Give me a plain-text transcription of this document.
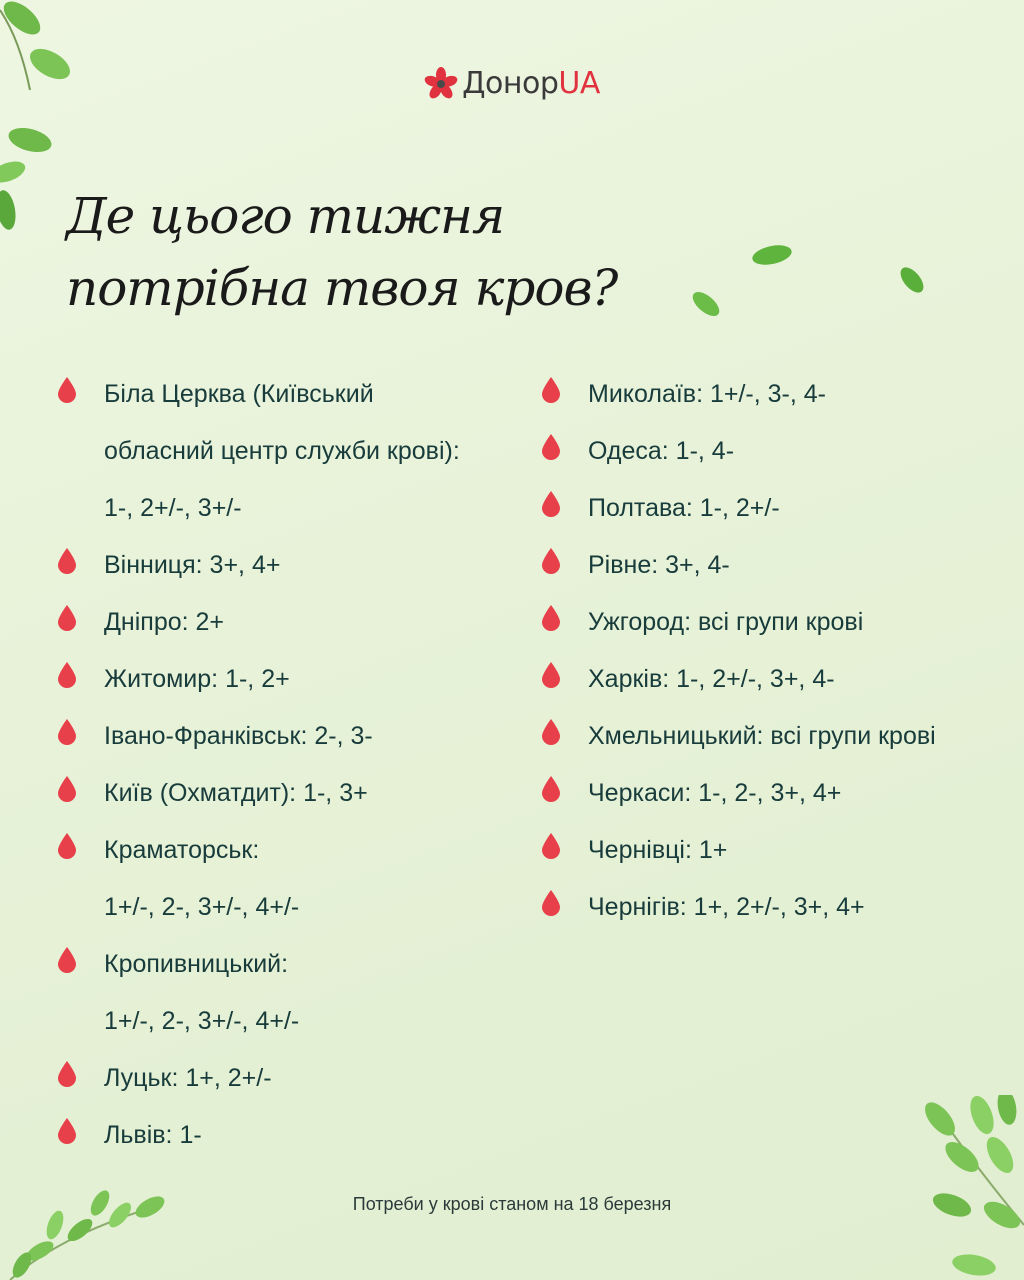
ДонорUA
Де цього тижня
потрібна твоя кров?
Біла Церква (Київський
обласний центр служби крові):
1-, 2+/-, 3+/-
Вінниця: 3+, 4+
Дніпро: 2+
Житомир: 1-, 2+
Івано-Франківськ: 2-, 3-
Київ (Охматдит): 1-, 3+
Краматорськ:
1+/-, 2-, 3+/-, 4+/-
Кропивницький:
1+/-, 2-, 3+/-, 4+/-
Луцьк: 1+, 2+/-
Львів: 1-
Миколаїв: 1+/-, 3-, 4-
Одеса: 1-, 4-
Полтава: 1-, 2+/-
Рівне: 3+, 4-
Ужгород: всі групи крові
Харків: 1-, 2+/-, 3+, 4-
Хмельницький: всі групи крові
Черкаси: 1-, 2-, 3+, 4+
Чернівці: 1+
Чернігів: 1+, 2+/-, 3+, 4+
Потреби у крові станом на 18 березня
